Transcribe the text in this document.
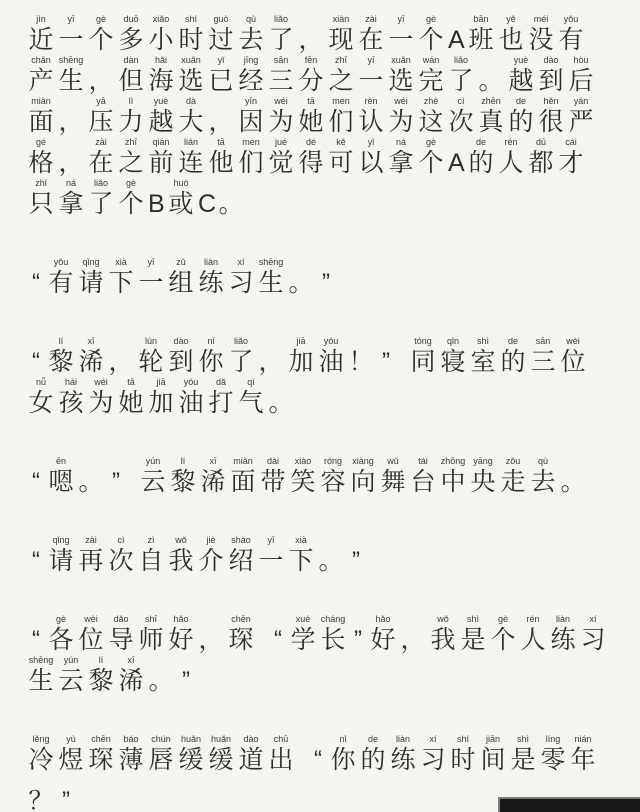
jìn
近
yī
一
gè
个
duō
多
xiǎo
小
shí
时
guò
过
qù
去
liǎo
了
，
xiàn
现
zài
在
yī
一
gè
个
A
bān
班
yě
也
méi
没
yǒu
有
chǎn
产
shēng
生
，
dàn
但
hǎi
海
xuǎn
选
yǐ
已
jīng
经
sān
三
fēn
分
zhī
之
yī
一
xuǎn
选
wán
完
liǎo
了
。
yuè
越
dào
到
hòu
后
miàn
面
，
yā
压
lì
力
yuè
越
dà
大
，
yīn
因
wéi
为
tā
她
men
们
rèn
认
wéi
为
zhè
这
cì
次
zhēn
真
de
的
hěn
很
yán
严
gé
格
，
zài
在
zhī
之
qián
前
lián
连
tā
他
men
们
jué
觉
dé
得
kě
可
yǐ
以
ná
拿
gè
个
A
de
的
rén
人
dū
都
cái
才
zhǐ
只
ná
拿
liǎo
了
gè
个
B
huò
或
C
。

“
yǒu
有
qǐng
请
xià
下
yī
一
zǔ
组
liàn
练
xí
习
shēng
生
。
”

“
lí
黎
xī
浠
，
lún
轮
dào
到
nǐ
你
liǎo
了
，
jiā
加
yóu
油
！
”
tóng
同
qǐn
寝
shì
室
de
的
sān
三
wèi
位
nǚ
女
hái
孩
wéi
为
tā
她
jiā
加
yóu
油
dǎ
打
qì
气
。

“
ēn
嗯
。
”
yún
云
lí
黎
xī
浠
miàn
面
dài
带
xiào
笑
róng
容
xiàng
向
wǔ
舞
tái
台
zhōng
中
yāng
央
zǒu
走
qù
去
。

“
qǐng
请
zài
再
cì
次
zì
自
wǒ
我
jiè
介
shào
绍
yī
一
xià
下
。
”

“
gè
各
wèi
位
dǎo
导
shī
师
hǎo
好
，
chēn
琛
“
xué
学
cháng
长
”
hǎo
好
，
wǒ
我
shì
是
gè
个
rén
人
liàn
练
xí
习
shēng
生
yún
云
lí
黎
xī
浠
。
”
lěng
冷
yù
煜
chēn
琛
báo
薄
chún
唇
huǎn
缓
huǎn
缓
dào
道
chū
出
“
nǐ
你
de
的
liàn
练
xí
习
shí
时
jiān
间
shì
是
líng
零
nián
年

？
”
